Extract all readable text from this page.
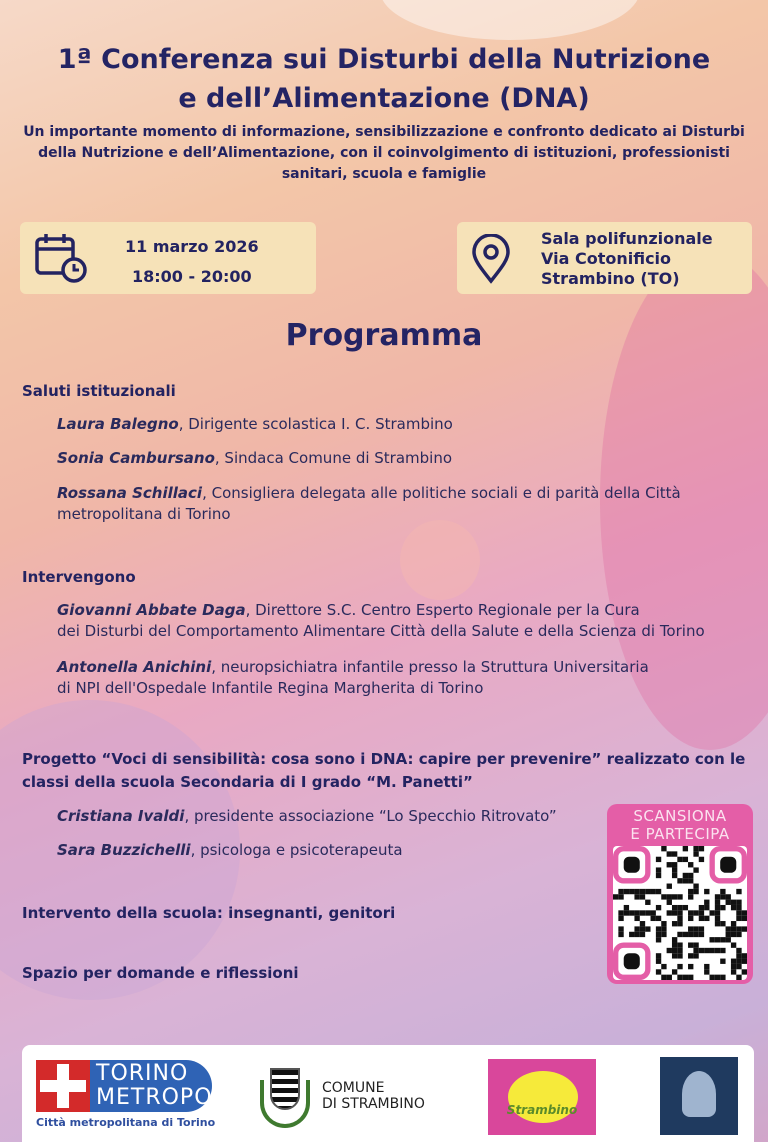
1ª Conferenza sui Disturbi della Nutrizione
e dell’Alimentazione (DNA)
Un importante momento di informazione, sensibilizzazione e confronto dedicato ai Disturbi della Nutrizione e dell’Alimentazione, con il coinvolgimento di istituzioni, professionisti sanitari, scuola e famiglie
11 marzo 2026
18:00 - 20:00
Sala polifunzionale
Via Cotonificio
Strambino (TO)
Programma
Saluti istituzionali
Laura Balegno, Dirigente scolastica I. C. Strambino
Sonia Cambursano, Sindaca Comune di Strambino
Rossana Schillaci, Consigliera delegata alle politiche sociali e di parità della Città
metropolitana di Torino
Intervengono
Giovanni Abbate Daga, Direttore S.C. Centro Esperto Regionale per la Cura
dei Disturbi del Comportamento Alimentare Città della Salute e della Scienza di Torino
Antonella Anichini, neuropsichiatra infantile presso la Struttura Universitaria
di NPI dell'Ospedale Infantile Regina Margherita di Torino
Progetto “Voci di sensibilità: cosa sono i DNA: capire per prevenire” realizzato con le
classi della scuola Secondaria di I grado “M. Panetti”
Cristiana Ivaldi, presidente associazione “Lo Specchio Ritrovato”
Sara Buzzichelli, psicologa e psicoterapeuta
Intervento della scuola: insegnanti, genitori
Spazio per domande e riflessioni
SCANSIONA
E PARTECIPA
TORINO
METROPOLI
Città metropolitana di Torino
COMUNE
DI STRAMBINO	Strambino
